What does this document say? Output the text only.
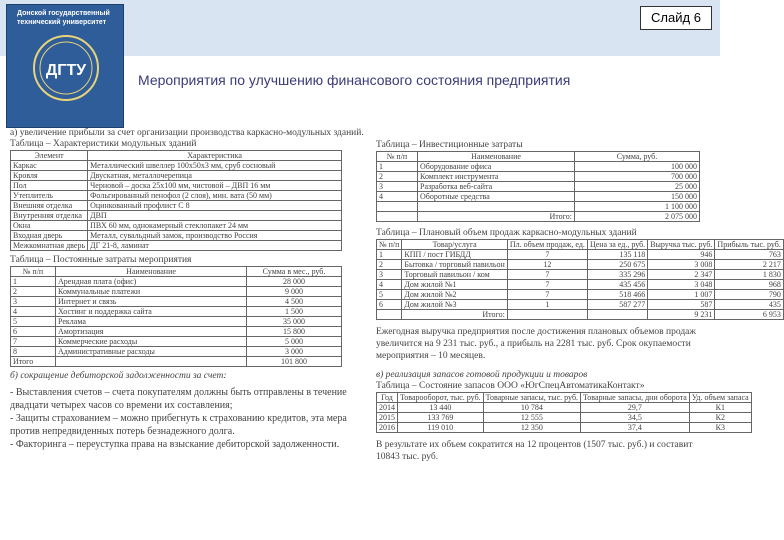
Донской государственный
технический университет
ДГТУ
Слайд 6
Мероприятия по улучшению финансового состояния предприятия

а) увеличение прибыли за счет организации производства каркасно-модульных зданий.

Таблица – Характеристики модульных зданий

Элемент	Характеристика
Каркас	Металлический швеллер 100х50х3 мм, сруб сосновый
Кровля	Двускатная, металлочерепица
Пол	Черновой – доска 25х100 мм, чистовой – ДВП 16 мм
Утеплитель	Фольгированный пенофол (2 слоя), мин. вата (50 мм)
Внешняя отделка	Оцинкованный профлист С 8
Внутренняя отделка	ДВП
Окна	ПВХ 60 мм, однокамерный стеклопакет 24 мм
Входная дверь	Металл, сувальдный замок, производство Россия
Межкомнатная дверь	ДГ 21-8, ламинат

Таблица – Постоянные затраты мероприятия

№ п/п	Наименование	Сумма в мес., руб.
1	Арендная плата (офис)	28 000
2	Коммунальные платежи	9 000
3	Интернет и связь	4 500
4	Хостинг и поддержка сайта	1 500
5	Реклама	35 000
6	Амортизация	15 800
7	Коммерческие расходы	5 000
8	Административные расходы	3 000
Итого		101 800

б) сокращение дебиторской задолженности за счет:

- Выставления счетов – счета покупателям должны быть отправлены в течение двадцати четырех часов со времени их составления;

- Защиты страхованием – можно прибегнуть к страхованию кредитов, эта мера против непредвиденных потерь безнадежного долга.

- Факторинга – переуступка права на взыскание дебиторской задолженности.

Таблица – Инвестиционные затраты

№ п/п	Наименование	Сумма, руб.
1	Оборудование офиса	100 000
2	Комплект инструмента	700 000
3	Разработка веб-сайта	25 000
4	Оборотные средства	150 000
		1 100 000
	Итого:	2 075 000

Таблица – Плановый объем продаж каркасно-модульных зданий

№ п/п	Товар/услуга	Пл. объем продаж, ед.	Цена за ед., руб.	Выручка тыс. руб.	Прибыль тыс. руб.
1	КПП / пост ГИБДД	7	135 118	946	763
2	Бытовка / торговый павильон	12	250 675	3 008	2 217
3	Торговый павильон / ком	7	335 296	2 347	1 830
4	Дом жилой №1	7	435 456	3 048	968
5	Дом жилой №2	7	518 466	1 007	790
6	Дом жилой №3	1	587 277	587	435
	Итого:			9 231	6 953

Ежегодная выручка предприятия после достижения плановых объемов продаж увеличится на 9 231 тыс. руб., а прибыль на 2281 тыс. руб. Срок окупаемости мероприятия – 10 месяцев.

в) реализация запасов готовой продукции и товаров

Таблица – Состояние запасов ООО «ЮгСпецАвтоматикаКонтакт»

Год	Товарооборот, тыс. руб.	Товарные запасы, тыс. руб.	Товарные запасы, дни оборота	Уд. объем запаса
2014	13 440	10 784	29,7	К1
2015	133 769	12 555	34,5	К2
2016	119 010	12 350	37,4	К3

В результате их объем сократится на 12 процентов (1507 тыс. руб.) и составит 10843 тыс. руб.
